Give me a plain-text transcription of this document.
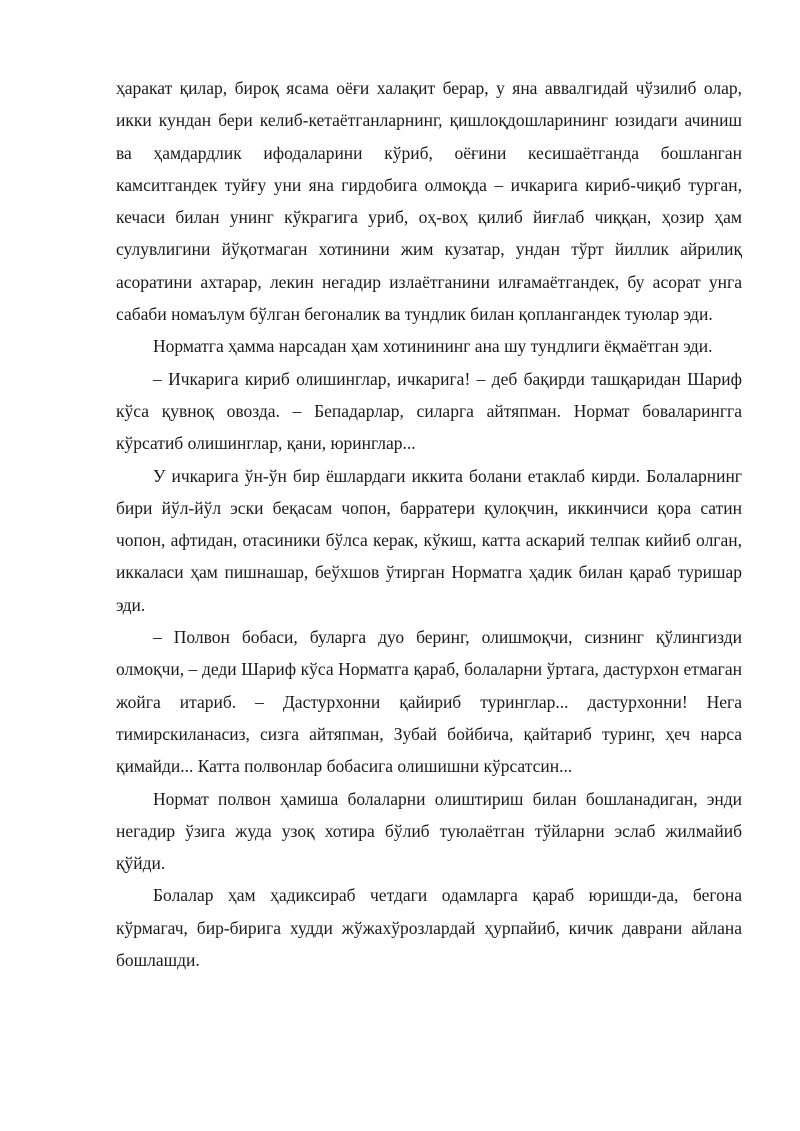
ҳаракат қилар, бироқ ясама оёғи халақит берар, у яна аввалгидай чўзилиб олар, икки кундан бери келиб-кетаётганларнинг, қишлоқдошларининг юзидаги ачиниш ва ҳамдардлик ифодаларини кўриб, оёғини кесишаётганда бошланган камситгандек туйғу уни яна гирдобига олмоқда – ичкарига кириб-чиқиб турган, кечаси билан унинг кўкрагига уриб, оҳ-воҳ қилиб йиғлаб чиққан, ҳозир ҳам сулувлигини йўқотмаган хотинини жим кузатар, ундан тўрт йиллик айрилиқ асоратини ахтарар, лекин негадир излаётганини илғамаётгандек, бу асорат унга сабаби номаълум бўлган бегоналик ва тундлик билан қоплангандек туюлар эди.

Норматга ҳамма нарсадан ҳам хотинининг ана шу тундлиги ёқмаётган эди.

– Ичкарига кириб олишинглар, ичкарига! – деб бақирди ташқаридан Шариф кўса қувноқ овозда. – Бепадарлар, силарга айтяпман. Нормат боваларингга кўрсатиб олишинглар, қани, юринглар...

У ичкарига ўн-ўн бир ёшлардаги иккита болани етаклаб кирди. Болаларнинг бири йўл-йўл эски беқасам чопон, барратери қулоқчин, иккинчиси қора сатин чопон, афтидан, отасиники бўлса керак, кўкиш, катта аскарий телпак кийиб олган, иккаласи ҳам пишнашар, беўхшов ўтирган Норматга ҳадик билан қараб туришар эди.

– Полвон бобаси, буларга дуо беринг, олишмоқчи, сизнинг қўлингизди олмоқчи, – деди Шариф кўса Норматга қараб, болаларни ўртага, дастурхон етмаган жойга итариб. – Дастурхонни қайириб туринглар... дастурхонни! Нега тимирскиланасиз, сизга айтяпман, Зубай бойбича, қайтариб туринг, ҳеч нарса қимайди... Катта полвонлар бобасига олишишни кўрсатсин...

Нормат полвон ҳамиша болаларни олиштириш билан бошланадиган, энди негадир ўзига жуда узоқ хотира бўлиб туюлаётган тўйларни эслаб жилмайиб қўйди.

Болалар ҳам ҳадиксираб четдаги одамларга қараб юришди-да, бегона кўрмагач, бир-бирига худди жўжахўрозлардай ҳурпайиб, кичик даврани айлана бошлашди.
